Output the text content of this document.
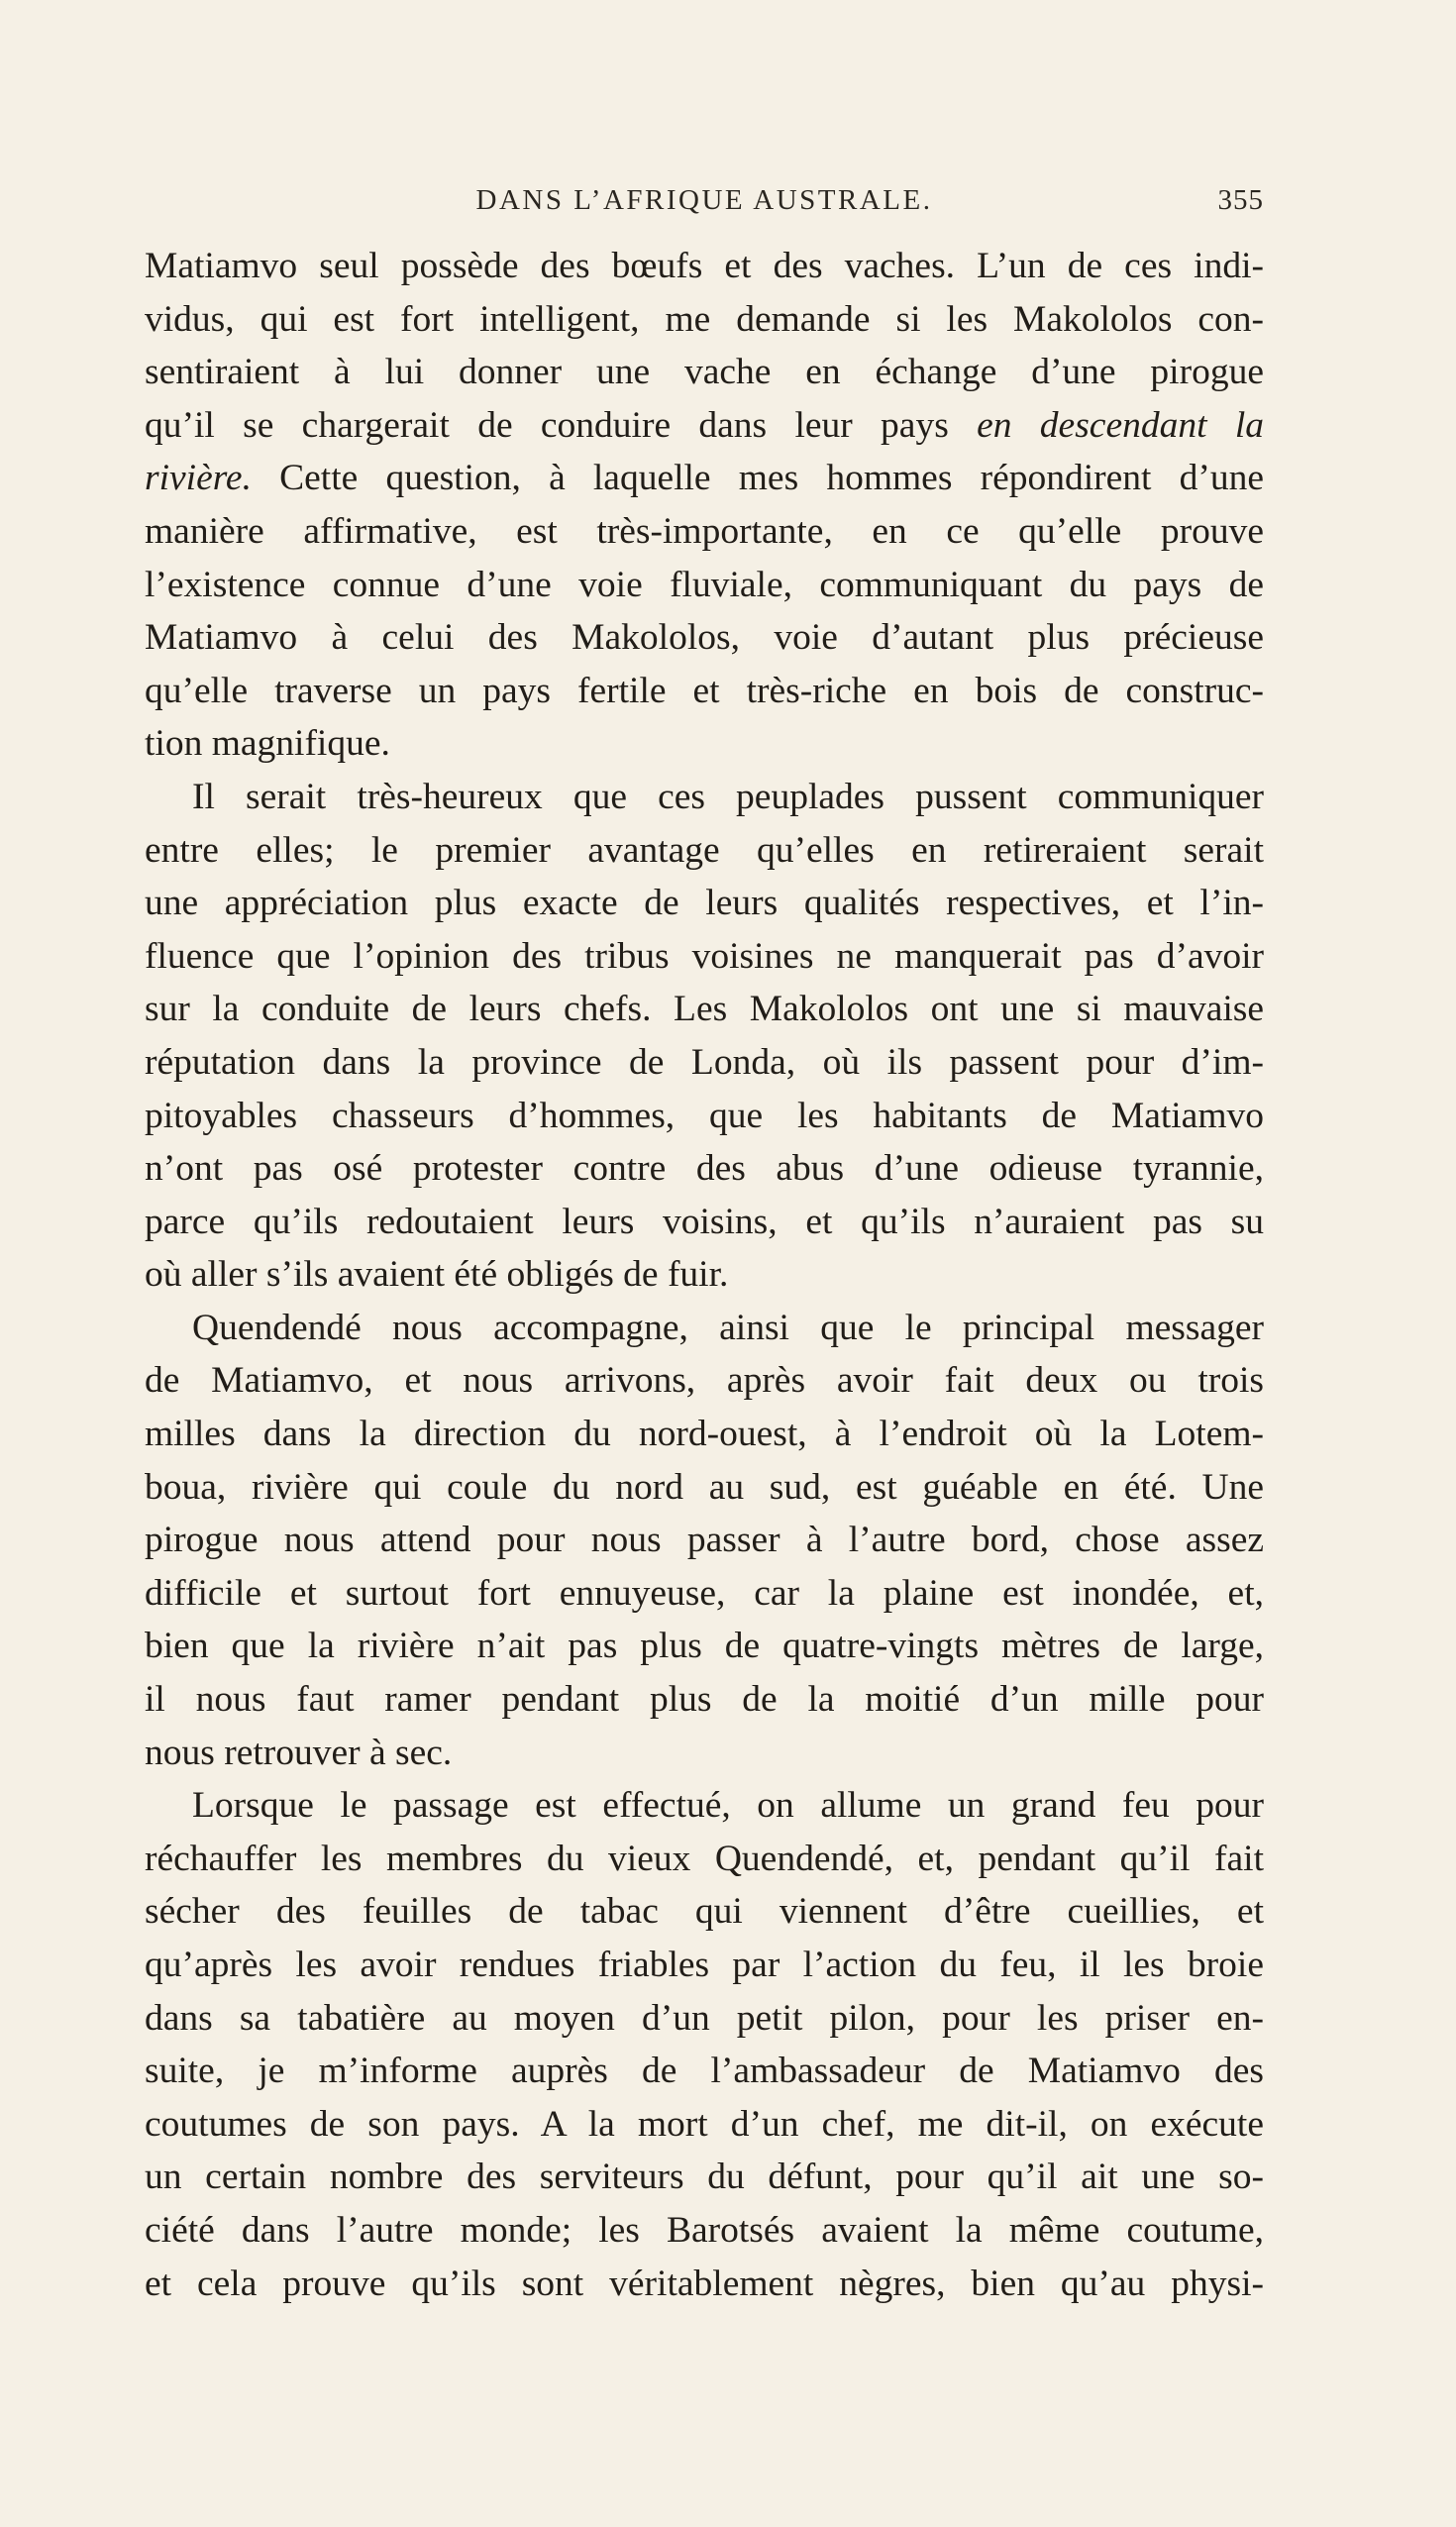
DANS L’AFRIQUE AUSTRALE.	355
Matiamvo seul possède des bœufs et des vaches. L’un de ces indi-
vidus, qui est fort intelligent, me demande si les Makololos con-
sentiraient à lui donner une vache en échange d’une pirogue
qu’il se chargerait de conduire dans leur pays en descendant la
rivière. Cette question, à laquelle mes hommes répondirent d’une
manière affirmative, est très-importante, en ce qu’elle prouve
l’existence connue d’une voie fluviale, communiquant du pays de
Matiamvo à celui des Makololos, voie d’autant plus précieuse
qu’elle traverse un pays fertile et très-riche en bois de construc-
tion magnifique.
Il serait très-heureux que ces peuplades pussent communiquer
entre elles; le premier avantage qu’elles en retireraient serait
une appréciation plus exacte de leurs qualités respectives, et l’in-
fluence que l’opinion des tribus voisines ne manquerait pas d’avoir
sur la conduite de leurs chefs. Les Makololos ont une si mauvaise
réputation dans la province de Londa, où ils passent pour d’im-
pitoyables chasseurs d’hommes, que les habitants de Matiamvo
n’ont pas osé protester contre des abus d’une odieuse tyrannie,
parce qu’ils redoutaient leurs voisins, et qu’ils n’auraient pas su
où aller s’ils avaient été obligés de fuir.
Quendendé nous accompagne, ainsi que le principal messager
de Matiamvo, et nous arrivons, après avoir fait deux ou trois
milles dans la direction du nord-ouest, à l’endroit où la Lotem-
boua, rivière qui coule du nord au sud, est guéable en été. Une
pirogue nous attend pour nous passer à l’autre bord, chose assez
difficile et surtout fort ennuyeuse, car la plaine est inondée, et,
bien que la rivière n’ait pas plus de quatre-vingts mètres de large,
il nous faut ramer pendant plus de la moitié d’un mille pour
nous retrouver à sec.
Lorsque le passage est effectué, on allume un grand feu pour
réchauffer les membres du vieux Quendendé, et, pendant qu’il fait
sécher des feuilles de tabac qui viennent d’être cueillies, et
qu’après les avoir rendues friables par l’action du feu, il les broie
dans sa tabatière au moyen d’un petit pilon, pour les priser en-
suite, je m’informe auprès de l’ambassadeur de Matiamvo des
coutumes de son pays. A la mort d’un chef, me dit-il, on exécute
un certain nombre des serviteurs du défunt, pour qu’il ait une so-
ciété dans l’autre monde; les Barotsés avaient la même coutume,
et cela prouve qu’ils sont véritablement nègres, bien qu’au physi-
